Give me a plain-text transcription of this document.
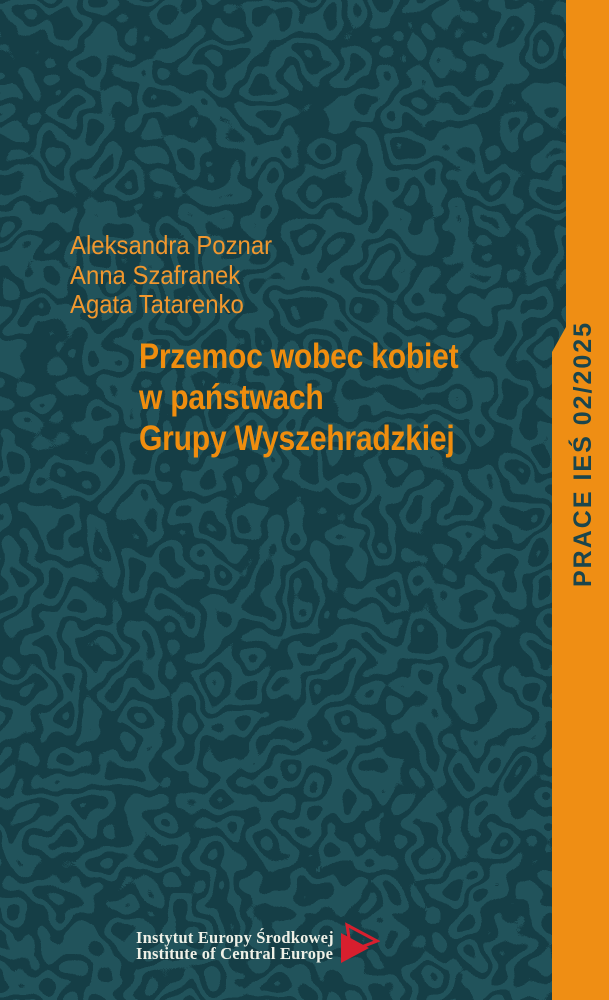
Aleksandra Poznar
Anna Szafranek
Agata Tatarenko
Przemoc wobec kobiet
w państwach
Grupy Wyszehradzkiej	PRACE IEŚ 02/2025
Instytut Europy Środkowej
Institute of Central Europe
